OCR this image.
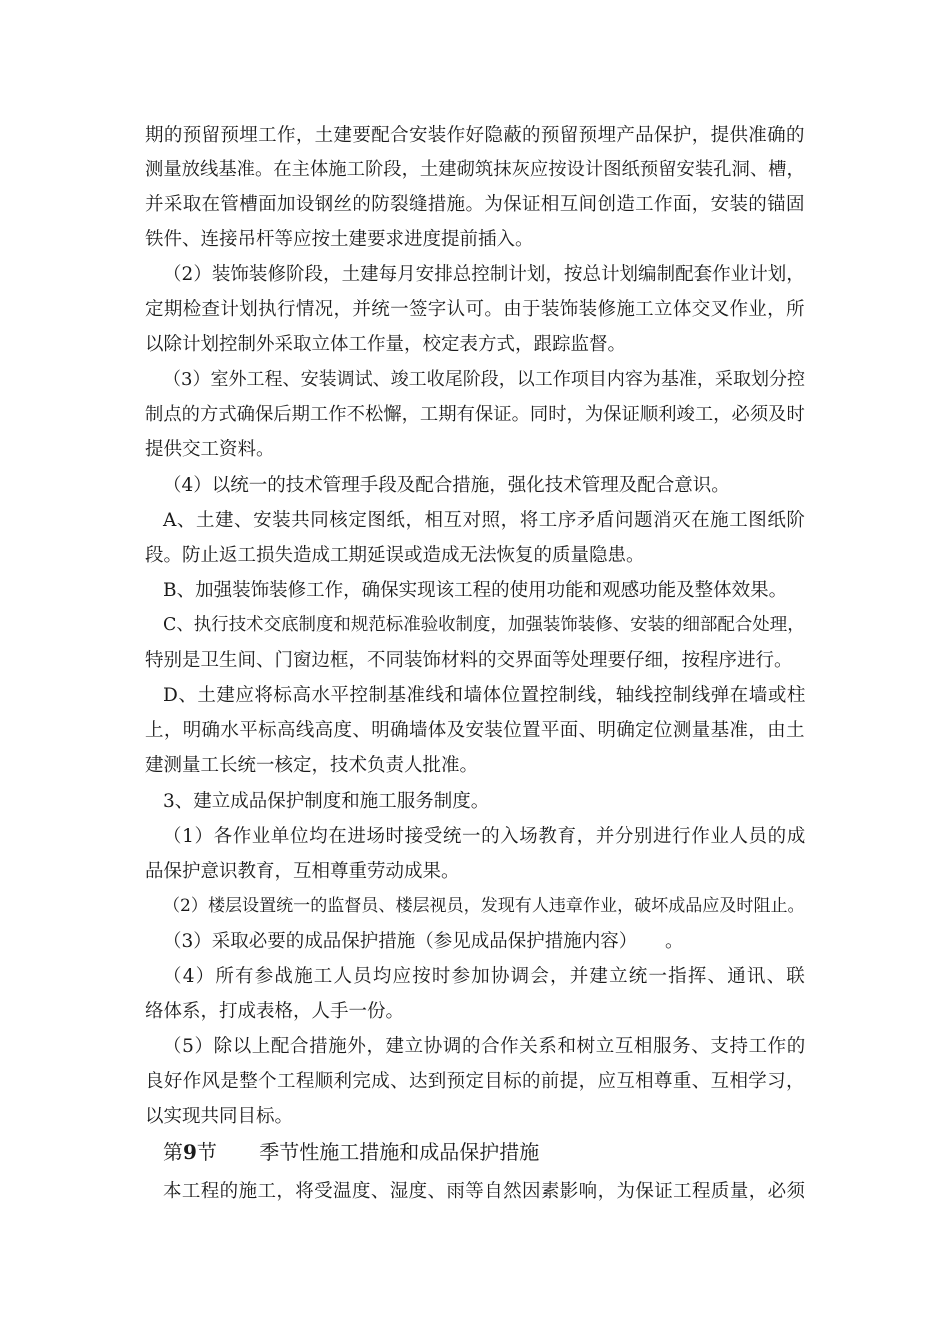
期的预留预埋工作，土建要配合安装作好隐蔽的预留预埋产品保护，提供准确的
测量放线基准。在主体施工阶段，土建砌筑抹灰应按设计图纸预留安装孔洞、槽，
并采取在管槽面加设钢丝的防裂缝措施。为保证相互间创造工作面，安装的锚固
铁件、连接吊杆等应按土建要求进度提前插入。
（2）装饰装修阶段，土建每月安排总控制计划，按总计划编制配套作业计划，
定期检查计划执行情况，并统一签字认可。由于装饰装修施工立体交叉作业，所
以除计划控制外采取立体工作量，校定表方式，跟踪监督。
（3）室外工程、安装调试、竣工收尾阶段，以工作项目内容为基准，采取划分控
制点的方式确保后期工作不松懈，工期有保证。同时，为保证顺利竣工，必须及时
提供交工资料。
（4）以统一的技术管理手段及配合措施，强化技术管理及配合意识。
A、土建、安装共同核定图纸，相互对照，将工序矛盾问题消灭在施工图纸阶
段。防止返工损失造成工期延误或造成无法恢复的质量隐患。
B、加强装饰装修工作，确保实现该工程的使用功能和观感功能及整体效果。
C、执行技术交底制度和规范标准验收制度，加强装饰装修、安装的细部配合处理，
特别是卫生间、门窗边框，不同装饰材料的交界面等处理要仔细，按程序进行。
D、土建应将标高水平控制基准线和墙体位置控制线，轴线控制线弹在墙或柱
上，明确水平标高线高度、明确墙体及安装位置平面、明确定位测量基准，由土
建测量工长统一核定，技术负责人批准。
3、建立成品保护制度和施工服务制度。
（1）各作业单位均在进场时接受统一的入场教育，并分别进行作业人员的成
品保护意识教育，互相尊重劳动成果。
（2）楼层设置统一的监督员、楼层视员，发现有人违章作业，破坏成品应及时阻止。
（3）采取必要的成品保护措施（参见成品保护措施内容）　　。
（4）所有参战施工人员均应按时参加协调会，并建立统一指挥、通讯、联
络体系，打成表格，人手一份。
（5）除以上配合措施外，建立协调的合作关系和树立互相服务、支持工作的
良好作风是整个工程顺利完成、达到预定目标的前提，应互相尊重、互相学习，
以实现共同目标。
第9节 季节性施工措施和成品保护措施
本工程的施工，将受温度、湿度、雨等自然因素影响，为保证工程质量，必须
